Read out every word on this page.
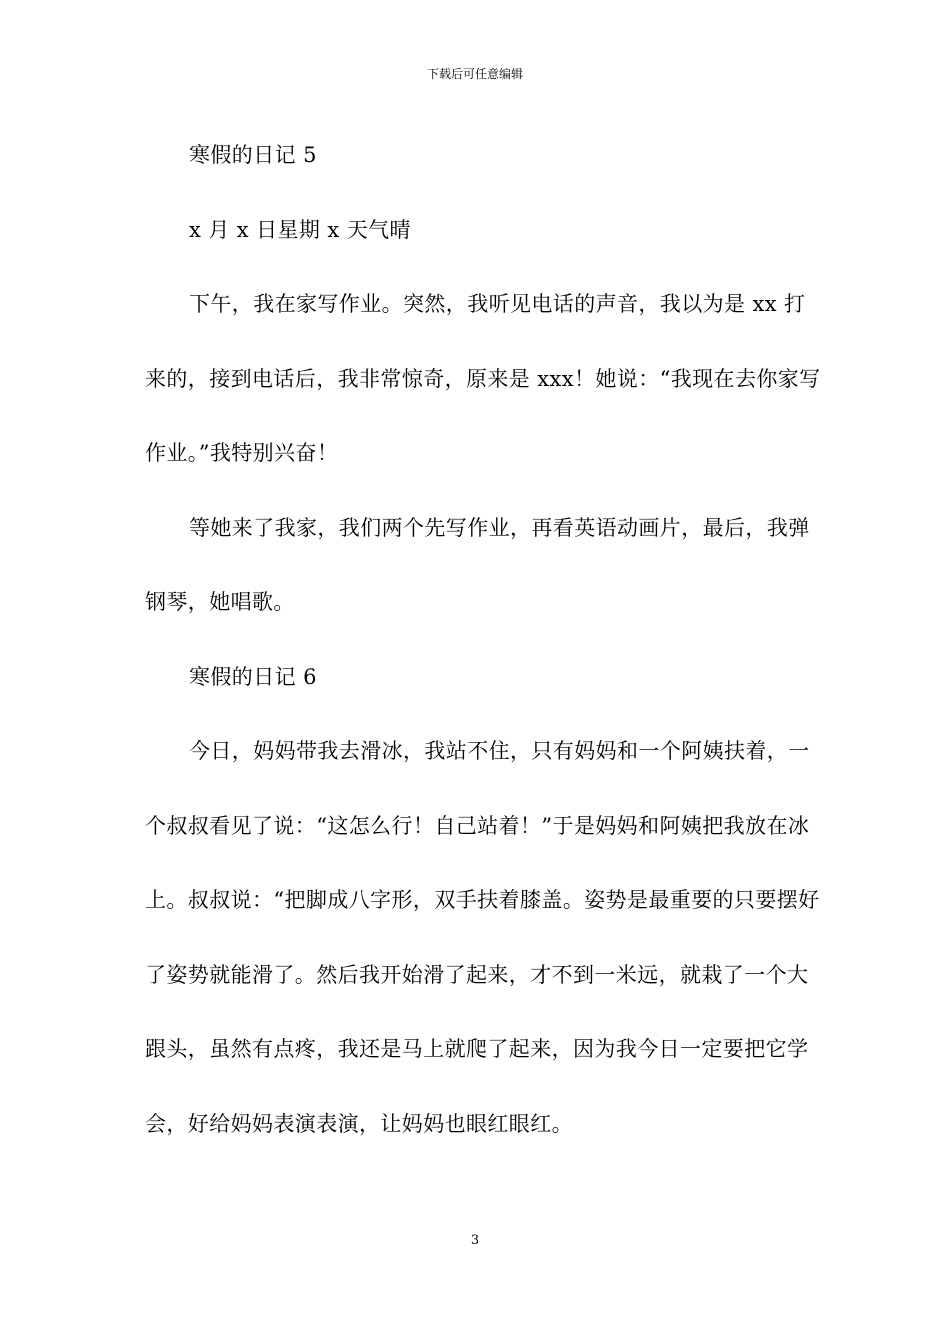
下载后可任意编辑

寒假的日记 5

x 月 x 日星期 x 天气晴

下午，我在家写作业。突然，我听见电话的声音，我以为是 xx 打来的，接到电话后，我非常惊奇，原来是 xxx！她说：“我现在去你家写作业。”我特别兴奋！

等她来了我家，我们两个先写作业，再看英语动画片，最后，我弹钢琴，她唱歌。

寒假的日记 6

今日，妈妈带我去滑冰，我站不住，只有妈妈和一个阿姨扶着，一个叔叔看见了说：“这怎么行！自己站着！”于是妈妈和阿姨把我放在冰上。叔叔说：“把脚成八字形，双手扶着膝盖。姿势是最重要的只要摆好了姿势就能滑了。然后我开始滑了起来，才不到一米远，就栽了一个大跟头，虽然有点疼，我还是马上就爬了起来，因为我今日一定要把它学会，好给妈妈表演表演，让妈妈也眼红眼红。

3
